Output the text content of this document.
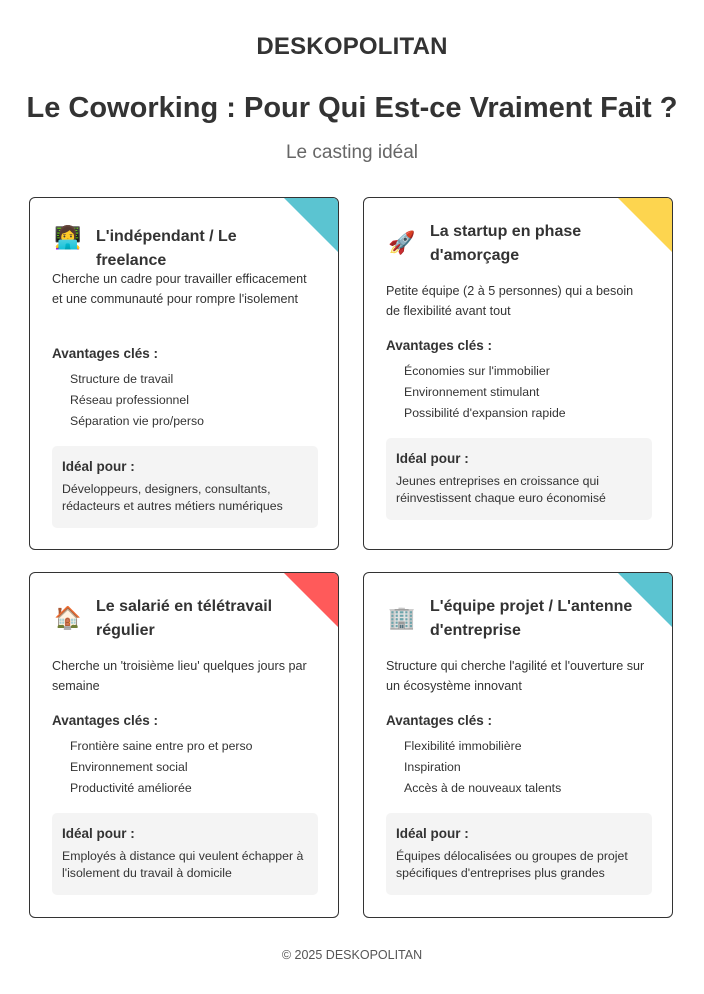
DESKOPOLITAN
Le Coworking : Pour Qui Est-ce Vraiment Fait ?
Le casting idéal
👩‍💻 L'indépendant / Le freelance
Cherche un cadre pour travailler efficacement et une communauté pour rompre l'isolement
Avantages clés :
Structure de travail
Réseau professionnel
Séparation vie pro/perso
Idéal pour :
Développeurs, designers, consultants, rédacteurs et autres métiers numériques
🚀 La startup en phase d'amorçage
Petite équipe (2 à 5 personnes) qui a besoin de flexibilité avant tout
Avantages clés :
Économies sur l'immobilier
Environnement stimulant
Possibilité d'expansion rapide
Idéal pour :
Jeunes entreprises en croissance qui réinvestissent chaque euro économisé
🏠 Le salarié en télétravail régulier
Cherche un 'troisième lieu' quelques jours par semaine
Avantages clés :
Frontière saine entre pro et perso
Environnement social
Productivité améliorée
Idéal pour :
Employés à distance qui veulent échapper à l'isolement du travail à domicile
🏢 L'équipe projet / L'antenne d'entreprise
Structure qui cherche l'agilité et l'ouverture sur un écosystème innovant
Avantages clés :
Flexibilité immobilière
Inspiration
Accès à de nouveaux talents
Idéal pour :
Équipes délocalisées ou groupes de projet spécifiques d'entreprises plus grandes
© 2025 DESKOPOLITAN
